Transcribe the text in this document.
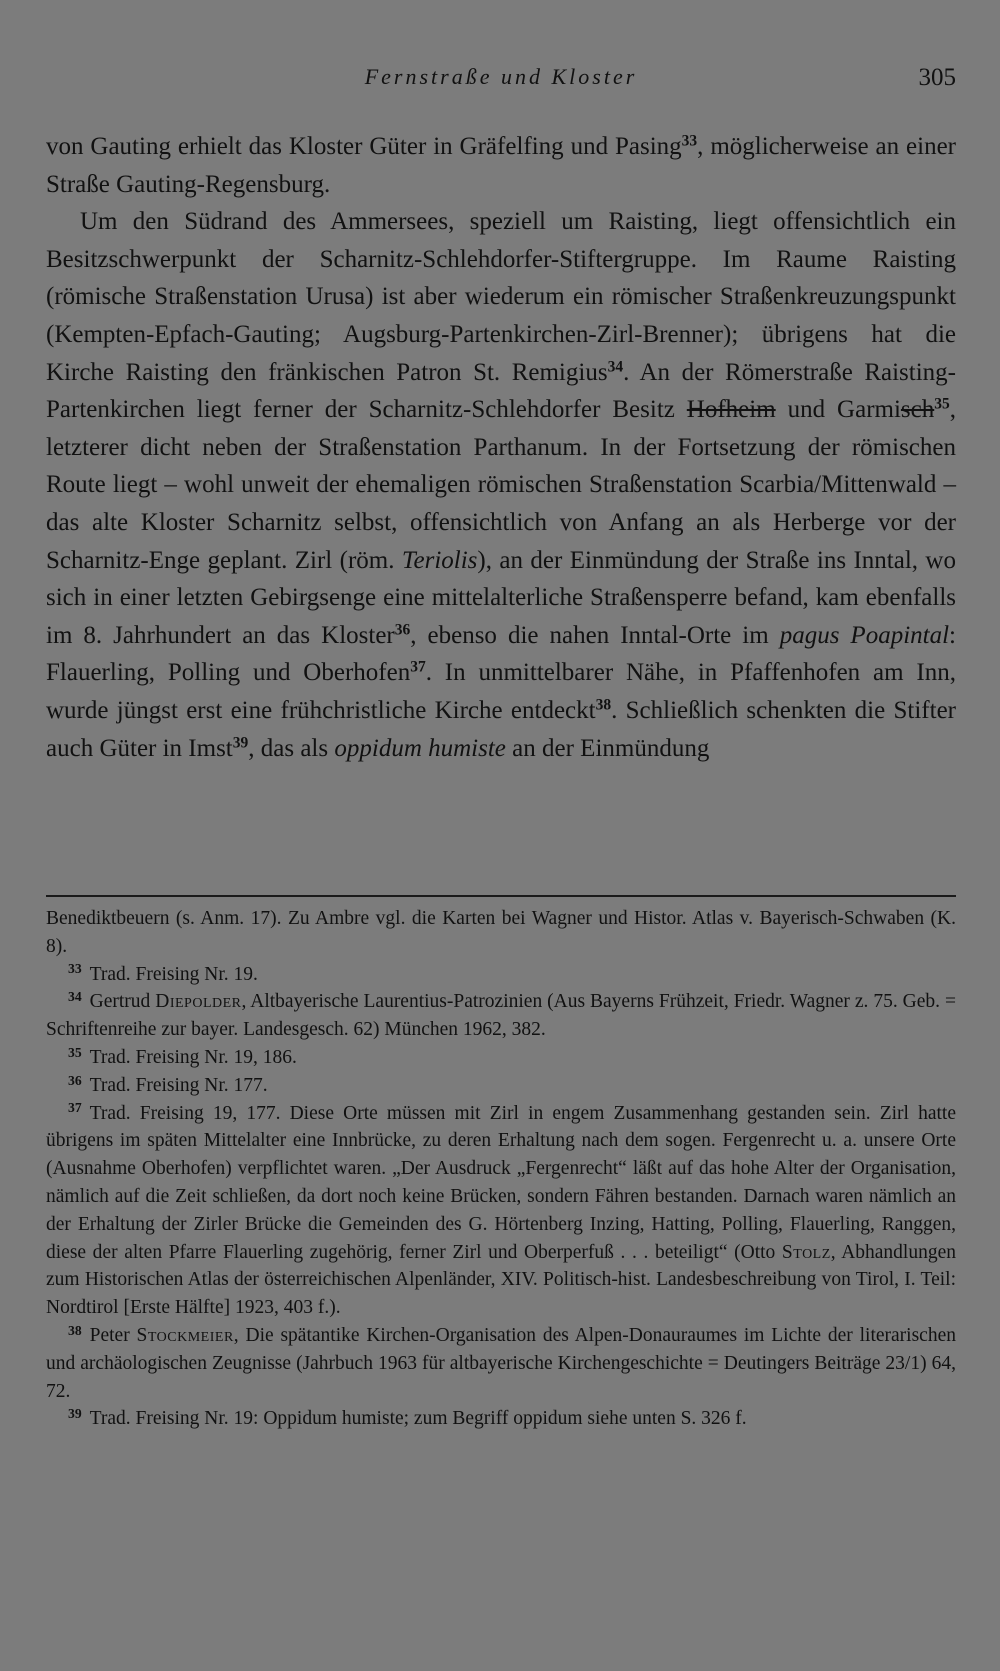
Fernstraße und Kloster	305

von Gauting erhielt das Kloster Güter in Gräfelfing und Pasing$^{33}$, möglicherweise an einer Straße Gauting-Regensburg.

Um den Südrand des Ammersees, speziell um Raisting, liegt offensichtlich ein Besitzschwerpunkt der Scharnitz-Schlehdorfer-Stiftergruppe. Im Raume Raisting (römische Straßenstation Urusa) ist aber wiederum ein römischer Straßenkreuzungspunkt (Kempten-Epfach-Gauting; Augsburg-Partenkirchen-Zirl-Brenner); übrigens hat die Kirche Raisting den fränkischen Patron St. Remigius$^{34}$. An der Römerstraße Raisting-Partenkirchen liegt ferner der Scharnitz-Schlehdorfer Besitz Hofheim und Garmisch$^{35}$, letzterer dicht neben der Straßenstation Parthanum. In der Fortsetzung der römischen Route liegt – wohl unweit der ehemaligen römischen Straßenstation Scarbia/Mittenwald – das alte Kloster Scharnitz selbst, offensichtlich von Anfang an als Herberge vor der Scharnitz-Enge geplant. Zirl (röm. Teriolis), an der Einmündung der Straße ins Inntal, wo sich in einer letzten Gebirgsenge eine mittelalterliche Straßensperre befand, kam ebenfalls im 8. Jahrhundert an das Kloster$^{36}$, ebenso die nahen Inntal-Orte im pagus Poapintal: Flauerling, Polling und Oberhofen$^{37}$. In unmittelbarer Nähe, in Pfaffenhofen am Inn, wurde jüngst erst eine frühchristliche Kirche entdeckt$^{38}$. Schließlich schenkten die Stifter auch Güter in Imst$^{39}$, das als oppidum humiste an der Einmündung

Benediktbeuern (s. Anm. 17). Zu Ambre vgl. die Karten bei Wagner und Histor. Atlas v. Bayerisch-Schwaben (K. 8).

$^{33}$ Trad. Freising Nr. 19.

$^{34}$ Gertrud Diepolder, Altbayerische Laurentius-Patrozinien (Aus Bayerns Frühzeit, Friedr. Wagner z. 75. Geb. = Schriftenreihe zur bayer. Landesgesch. 62) München 1962, 382.

$^{35}$ Trad. Freising Nr. 19, 186.

$^{36}$ Trad. Freising Nr. 177.

$^{37}$ Trad. Freising 19, 177. Diese Orte müssen mit Zirl in engem Zusammenhang gestanden sein. Zirl hatte übrigens im späten Mittelalter eine Innbrücke, zu deren Erhaltung nach dem sogen. Fergenrecht u. a. unsere Orte (Ausnahme Oberhofen) verpflichtet waren. „Der Ausdruck „Fergenrecht“ läßt auf das hohe Alter der Organisation, nämlich auf die Zeit schließen, da dort noch keine Brücken, sondern Fähren bestanden. Darnach waren nämlich an der Erhaltung der Zirler Brücke die Gemeinden des G. Hörtenberg Inzing, Hatting, Polling, Flauerling, Ranggen, diese der alten Pfarre Flauerling zugehörig, ferner Zirl und Oberperfuß . . . beteiligt“ (Otto Stolz, Abhandlungen zum Historischen Atlas der österreichischen Alpenländer, XIV. Politisch-hist. Landesbeschreibung von Tirol, I. Teil: Nordtirol [Erste Hälfte] 1923, 403 f.).

$^{38}$ Peter Stockmeier, Die spätantike Kirchen-Organisation des Alpen-Donauraumes im Lichte der literarischen und archäologischen Zeugnisse (Jahrbuch 1963 für altbayerische Kirchengeschichte = Deutingers Beiträge 23/1) 64, 72.

$^{39}$ Trad. Freising Nr. 19: Oppidum humiste; zum Begriff oppidum siehe unten S. 326 f.
